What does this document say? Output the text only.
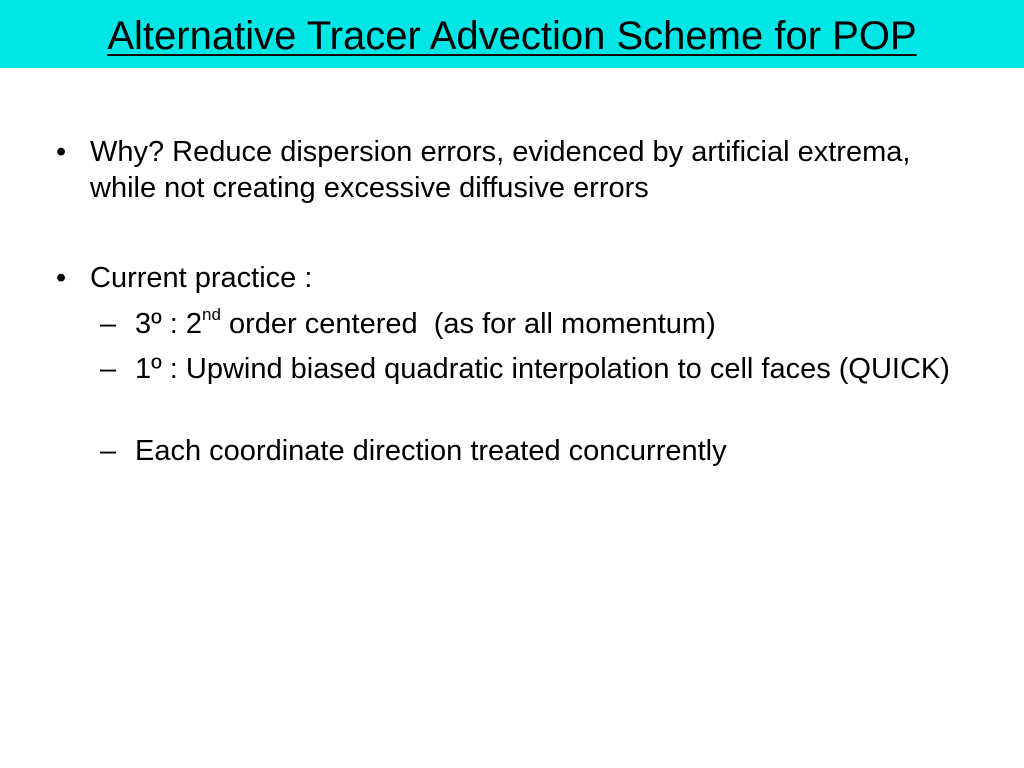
Alternative Tracer Advection Scheme for POP
• Why? Reduce dispersion errors, evidenced by artificial extrema, while not creating excessive diffusive errors
• Current practice :
– 3º : 2nd order centered  (as for all momentum)
– 1º : Upwind biased quadratic interpolation to cell faces (QUICK)
– Each coordinate direction treated concurrently
